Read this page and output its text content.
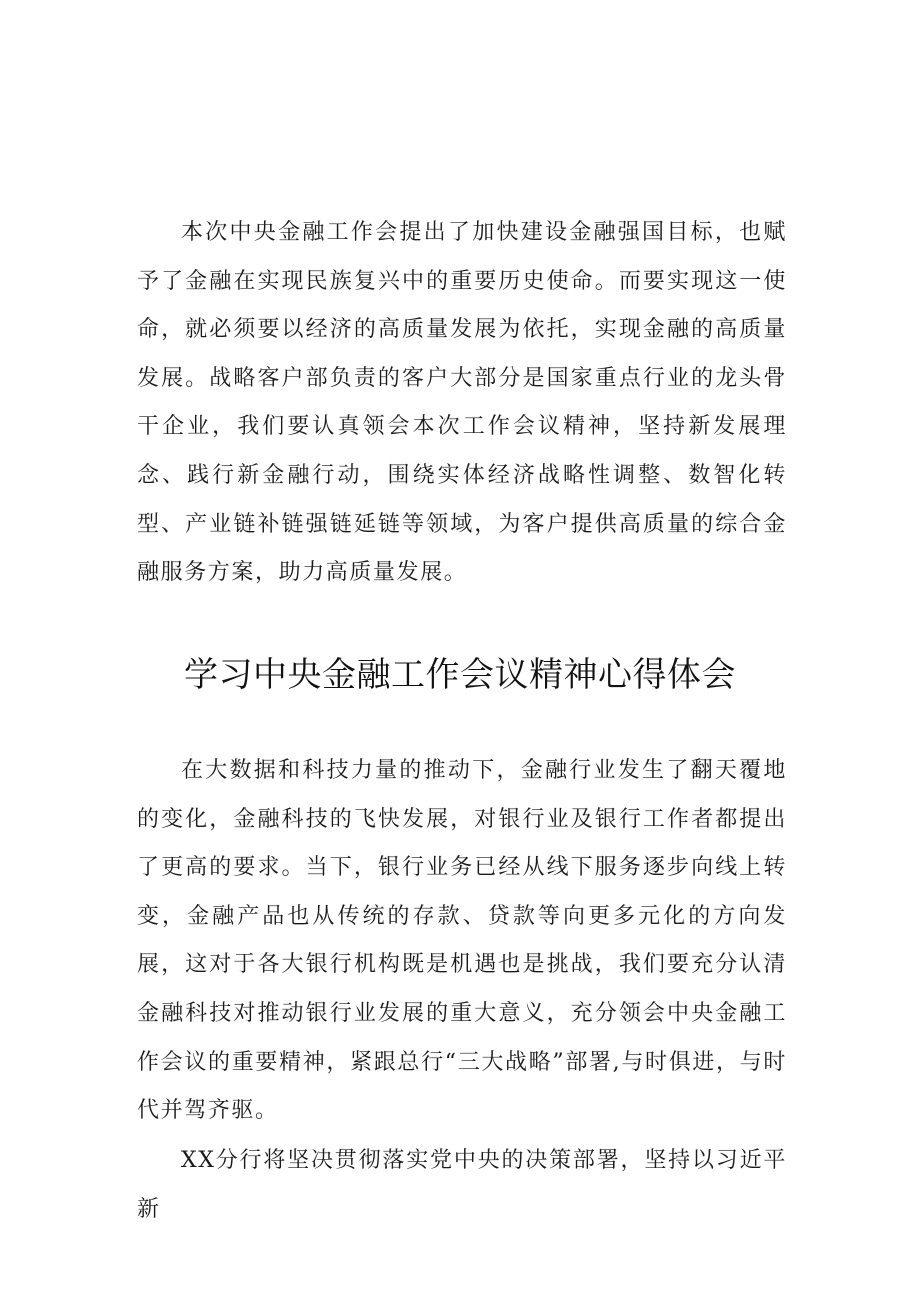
本次中央金融工作会提出了加快建设金融强国目标，也赋予了金融在实现民族复兴中的重要历史使命。而要实现这一使命，就必须要以经济的高质量发展为依托，实现金融的高质量发展。战略客户部负责的客户大部分是国家重点行业的龙头骨干企业，我们要认真领会本次工作会议精神，坚持新发展理念、践行新金融行动，围绕实体经济战略性调整、数智化转型、产业链补链强链延链等领域，为客户提供高质量的综合金融服务方案，助力高质量发展。

学习中央金融工作会议精神心得体会

在大数据和科技力量的推动下，金融行业发生了翻天覆地的变化，金融科技的飞快发展，对银行业及银行工作者都提出了更高的要求。当下，银行业务已经从线下服务逐步向线上转变，金融产品也从传统的存款、贷款等向更多元化的方向发展，这对于各大银行机构既是机遇也是挑战，我们要充分认清金融科技对推动银行业发展的重大意义，充分领会中央金融工作会议的重要精神，紧跟总行“三大战略”部署,与时俱进，与时代并驾齐驱。

XX分行将坚决贯彻落实党中央的决策部署，坚持以习近平新
